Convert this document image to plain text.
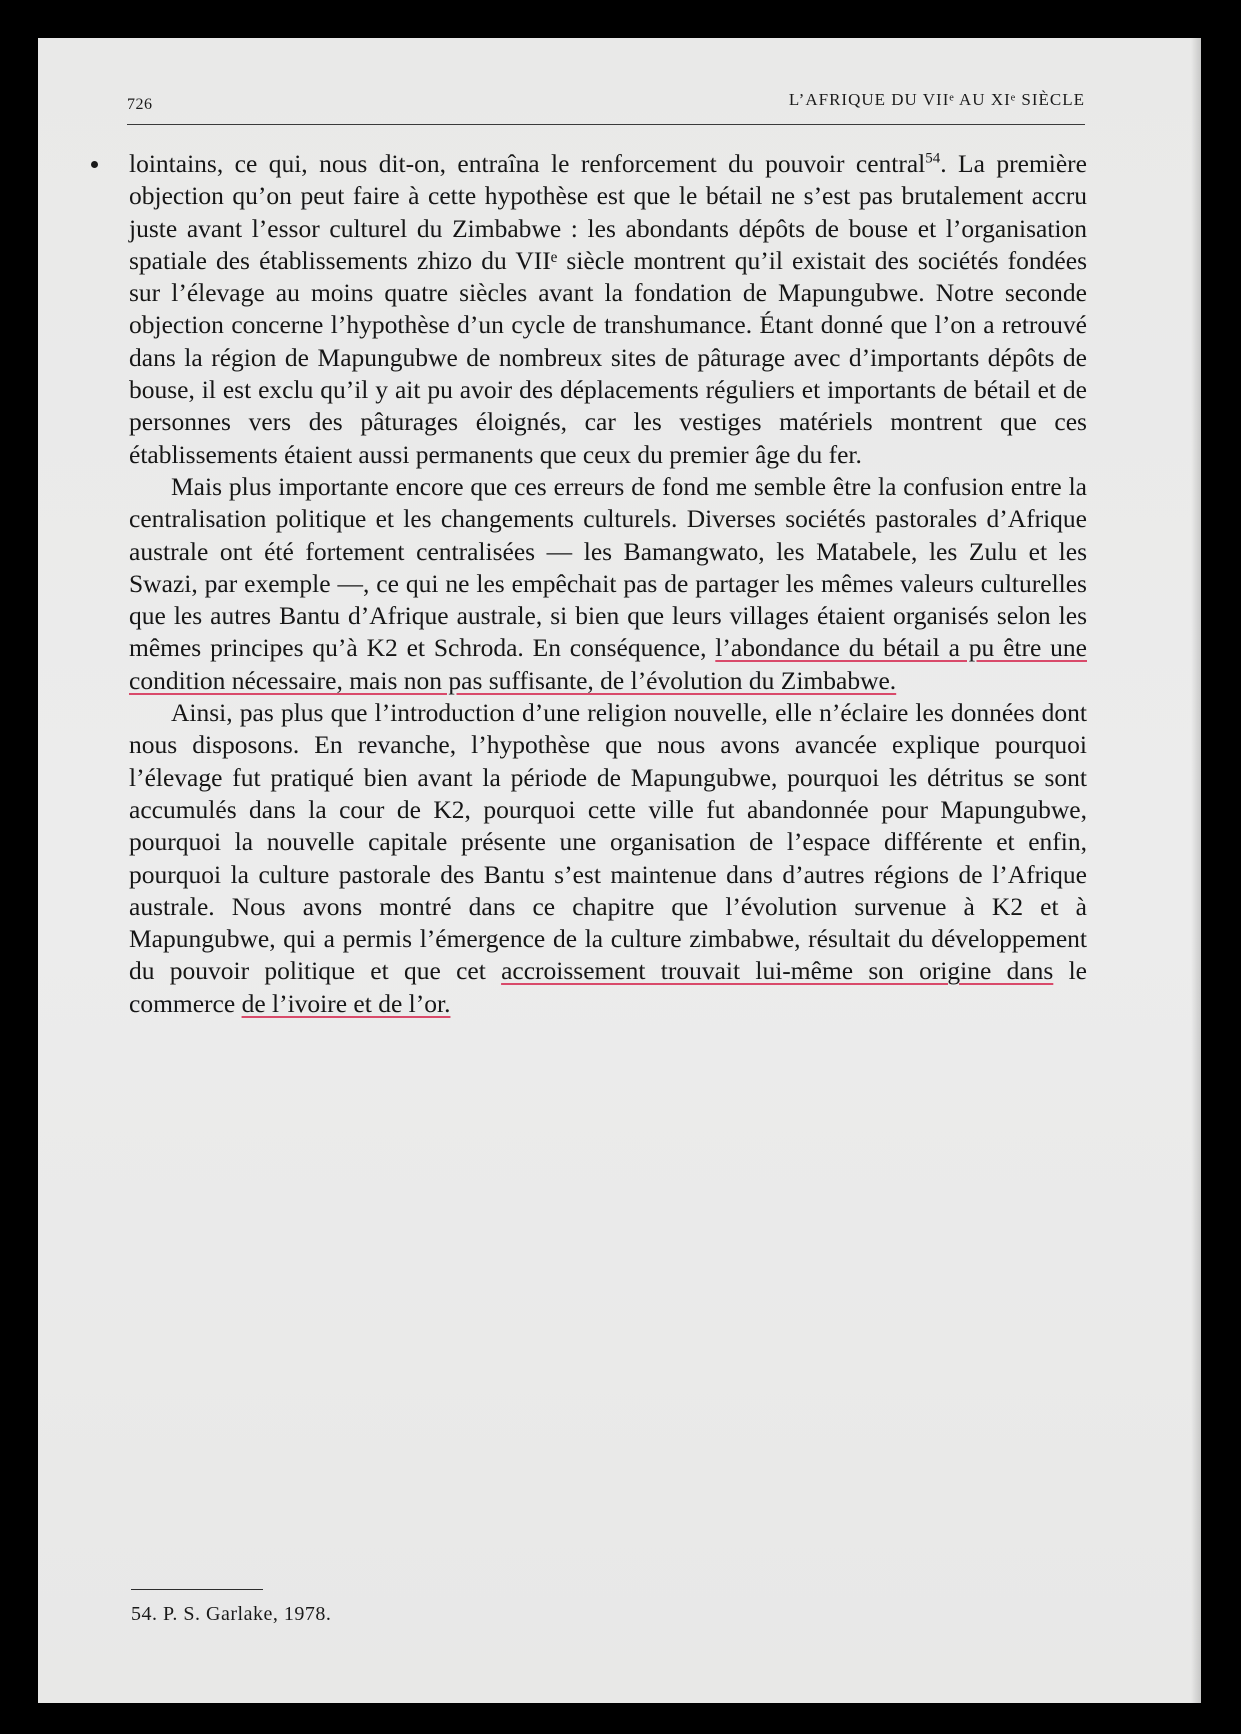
726	L’AFRIQUE DU VIIᵉ AU XIᵉ SIÈCLE

lointains, ce qui, nous dit-on, entraîna le renforcement du pouvoir central$^{54}$. La première objection qu’on peut faire à cette hypothèse est que le bétail ne s’est pas brutalement accru juste avant l’essor culturel du Zimbabwe : les abondants dépôts de bouse et l’organisation spatiale des établissements zhizo du VIIᵉ siècle montrent qu’il existait des sociétés fondées sur l’élevage au moins quatre siècles avant la fondation de Mapungubwe. Notre seconde objection concerne l’hypothèse d’un cycle de transhumance. Étant donné que l’on a retrouvé dans la région de Mapungubwe de nombreux sites de pâturage avec d’importants dépôts de bouse, il est exclu qu’il y ait pu avoir des déplacements réguliers et importants de bétail et de personnes vers des pâturages éloignés, car les vestiges matériels montrent que ces établissements étaient aussi permanents que ceux du premier âge du fer.

Mais plus importante encore que ces erreurs de fond me semble être la confusion entre la centralisation politique et les changements culturels. Diverses sociétés pastorales d’Afrique australe ont été fortement centralisées — les Bamangwato, les Matabele, les Zulu et les Swazi, par exemple —, ce qui ne les empêchait pas de partager les mêmes valeurs culturelles que les autres Bantu d’Afrique australe, si bien que leurs villages étaient organisés selon les mêmes principes qu’à K2 et Schroda. En conséquence, l’abondance du bétail a pu être une condition nécessaire, mais non pas suffisante, de l’évolution du Zimbabwe.

Ainsi, pas plus que l’introduction d’une religion nouvelle, elle n’éclaire les données dont nous disposons. En revanche, l’hypothèse que nous avons avancée explique pourquoi l’élevage fut pratiqué bien avant la période de Mapungubwe, pourquoi les détritus se sont accumulés dans la cour de K2, pourquoi cette ville fut abandonnée pour Mapungubwe, pourquoi la nouvelle capitale présente une organisation de l’espace différente et enfin, pourquoi la culture pastorale des Bantu s’est maintenue dans d’autres régions de l’Afrique australe. Nous avons montré dans ce chapitre que l’évolution survenue à K2 et à Mapungubwe, qui a permis l’émergence de la culture zimbabwe, résultait du développement du pouvoir politique et que cet accroissement trouvait lui-même son origine dans le commerce de l’ivoire et de l’or.

54. P. S. Garlake, 1978.
